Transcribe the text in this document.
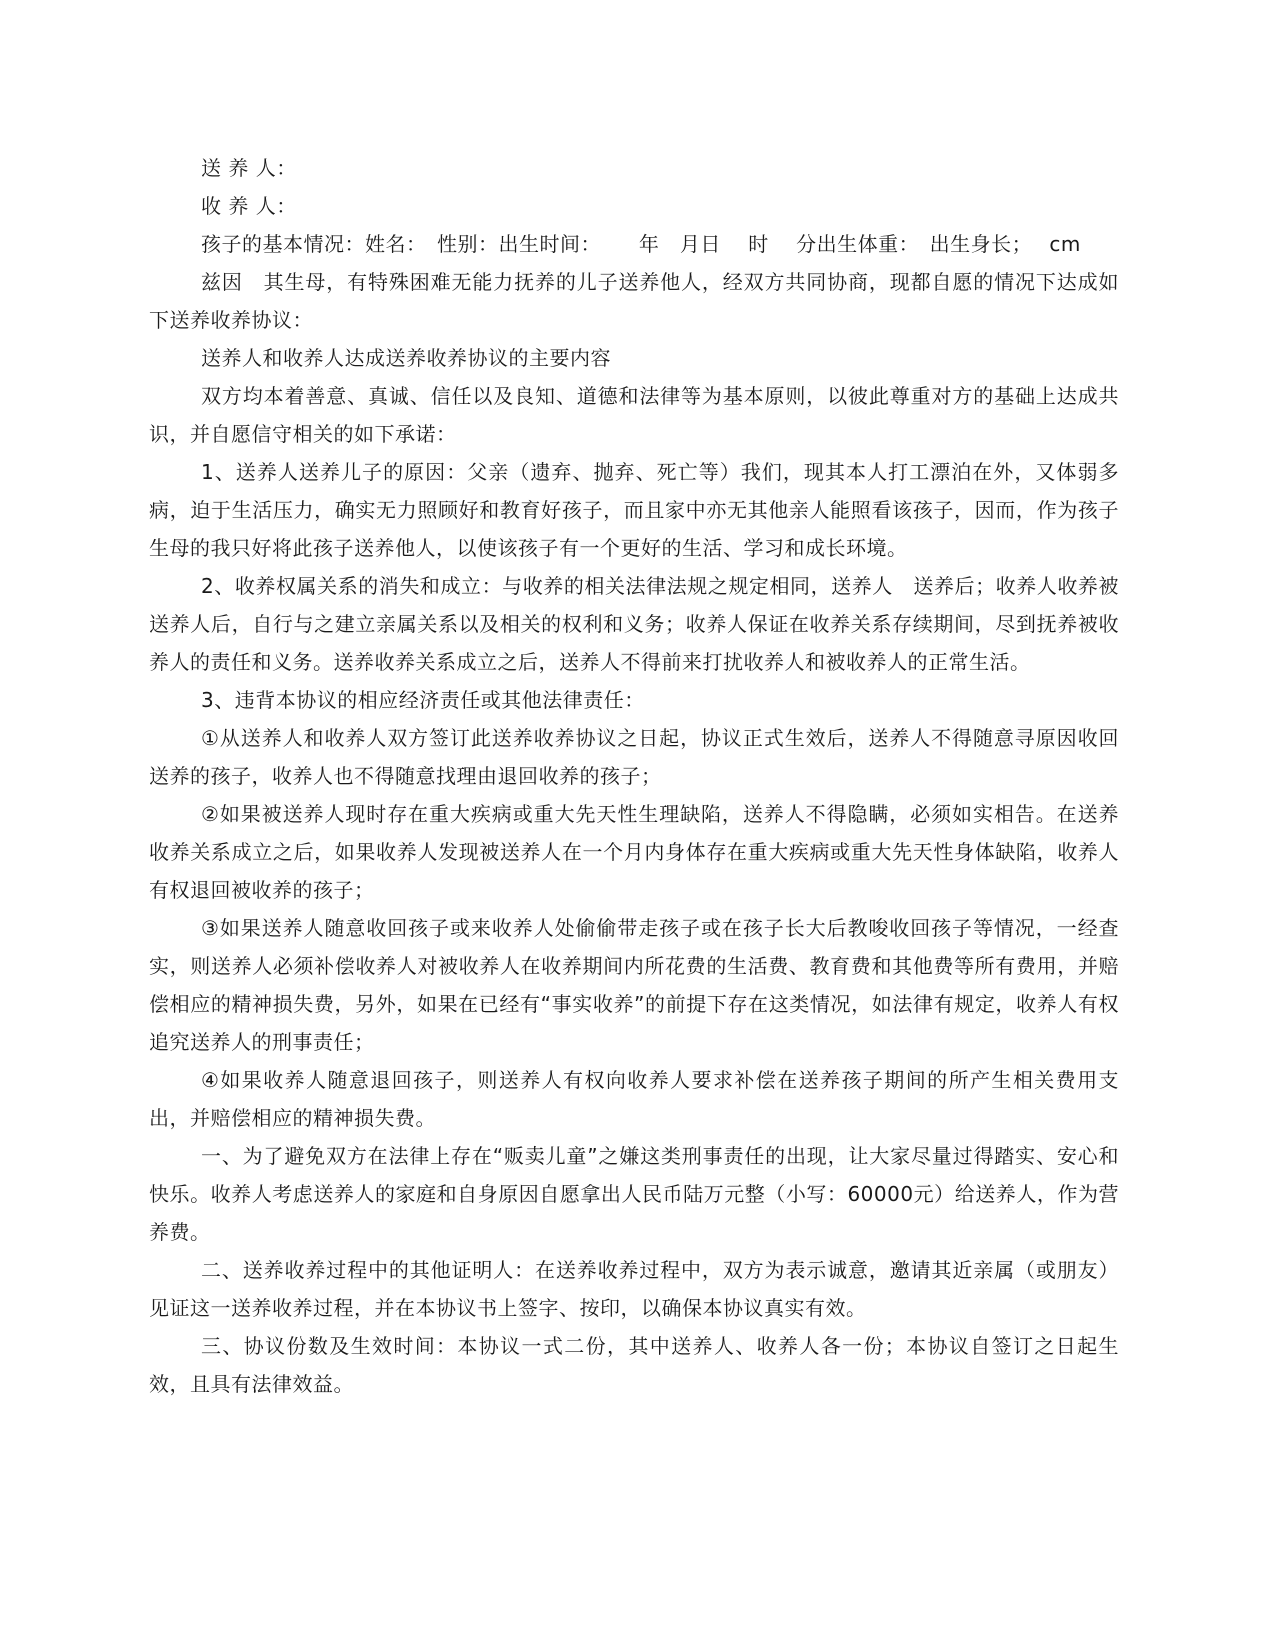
送 养 人：

收 养 人：

孩子的基本情况：姓名：　性别：出生时间：　　 年　月日　 时　 分出生体重：　出生身长；　 cm

兹因　其生母，有特殊困难无能力抚养的儿子送养他人，经双方共同协商，现都自愿的情况下达成如下送养收养协议：

送养人和收养人达成送养收养协议的主要内容

双方均本着善意、真诚、信任以及良知、道德和法律等为基本原则，以彼此尊重对方的基础上达成共识，并自愿信守相关的如下承诺：

1、送养人送养儿子的原因：父亲（遗弃、抛弃、死亡等）我们，现其本人打工漂泊在外，又体弱多病，迫于生活压力，确实无力照顾好和教育好孩子，而且家中亦无其他亲人能照看该孩子，因而，作为孩子生母的我只好将此孩子送养他人，以使该孩子有一个更好的生活、学习和成长环境。

2、收养权属关系的消失和成立：与收养的相关法律法规之规定相同，送养人　送养后；收养人收养被送养人后，自行与之建立亲属关系以及相关的权利和义务；收养人保证在收养关系存续期间，尽到抚养被收养人的责任和义务。送养收养关系成立之后，送养人不得前来打扰收养人和被收养人的正常生活。

3、违背本协议的相应经济责任或其他法律责任：

①从送养人和收养人双方签订此送养收养协议之日起，协议正式生效后，送养人不得随意寻原因收回送养的孩子，收养人也不得随意找理由退回收养的孩子；

②如果被送养人现时存在重大疾病或重大先天性生理缺陷，送养人不得隐瞒，必须如实相告。在送养收养关系成立之后，如果收养人发现被送养人在一个月内身体存在重大疾病或重大先天性身体缺陷，收养人有权退回被收养的孩子；

③如果送养人随意收回孩子或来收养人处偷偷带走孩子或在孩子长大后教唆收回孩子等情况，一经查实，则送养人必须补偿收养人对被收养人在收养期间内所花费的生活费、教育费和其他费等所有费用，并赔偿相应的精神损失费，另外，如果在已经有“事实收养”的前提下存在这类情况，如法律有规定，收养人有权追究送养人的刑事责任；

④如果收养人随意退回孩子，则送养人有权向收养人要求补偿在送养孩子期间的所产生相关费用支出，并赔偿相应的精神损失费。

一、为了避免双方在法律上存在“贩卖儿童”之嫌这类刑事责任的出现，让大家尽量过得踏实、安心和快乐。收养人考虑送养人的家庭和自身原因自愿拿出人民币陆万元整（小写：60000元）给送养人，作为营养费。

二、送养收养过程中的其他证明人：在送养收养过程中，双方为表示诚意，邀请其近亲属（或朋友）见证这一送养收养过程，并在本协议书上签字、按印，以确保本协议真实有效。

三、协议份数及生效时间：本协议一式二份，其中送养人、收养人各一份；本协议自签订之日起生效，且具有法律效益。
